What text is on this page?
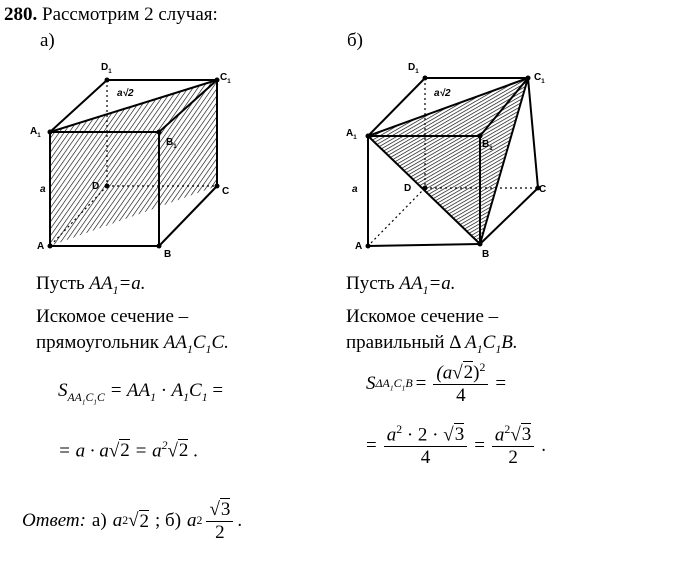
280. Рассмотрим 2 случая:
а)	б)
$D_1$
$C_1$
a√2
$A_1$
$B_1$
D
a	C
A
B
$D_1$
$C_1$
a√2
$A_1$
$B_1$
D
a	C
A
B
Пусть $AA_1=a$.
Искомое сечение –
прямоугольник $AA_1C_1C$.
$S_{AA_1C_1C} = AA_1 \cdot A_1C_1$ =
= $a \cdot a√2 = a^2√2$ .
Пусть $AA_1=a$.
Искомое сечение –
правильный Δ $A_1C_1B$.
S $\Delta A_1C_1B = \frac{(a√2)^2}{4}$ =
= $\frac{a^2 \cdot 2 \cdot √3}{4} = \frac{a^2√3}{2}$ .
Ответ: а) a 2 √ 2 ; б) a $2 \frac{√3}{2}$ .
